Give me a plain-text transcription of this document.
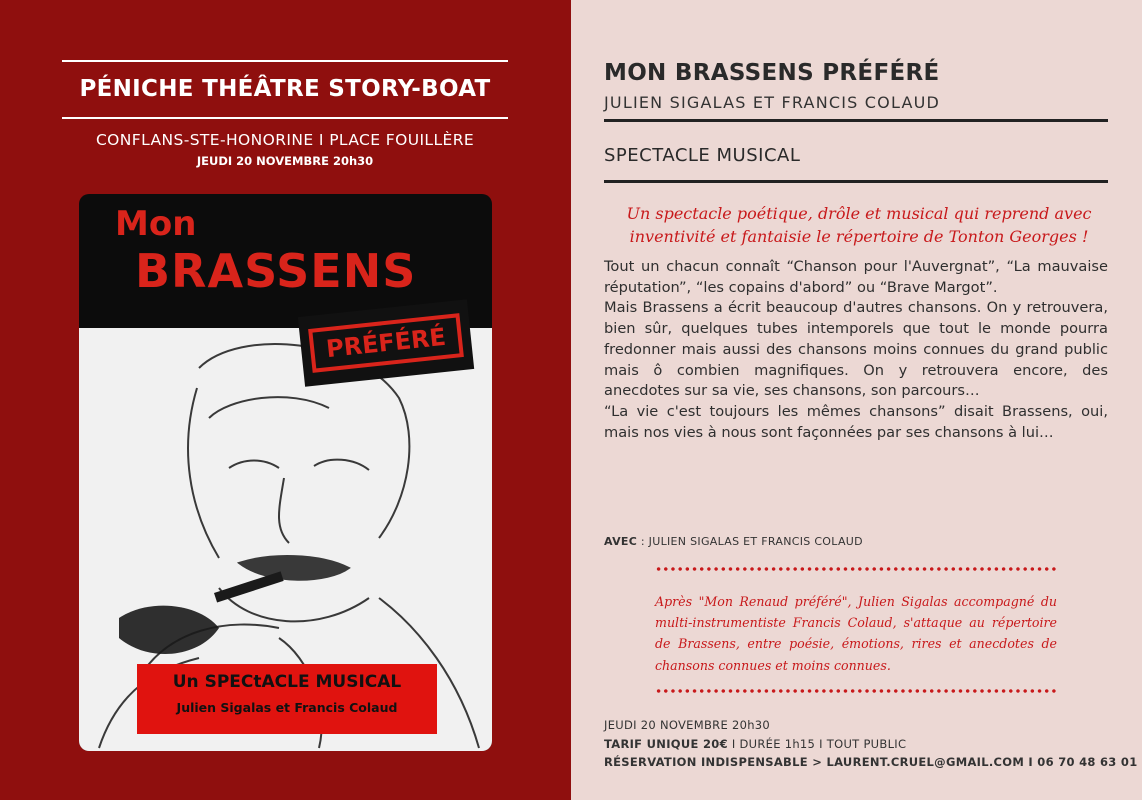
PÉNICHE THÉÂTRE STORY-BOAT
CONFLANS-STE-HONORINE I PLACE FOUILLÈRE
JEUDI 20 NOVEMBRE 20h30
Mon
BRASSENS
PRÉFÉRÉ
Un SPECtACLE MUSICAL
Julien Sigalas et Francis Colaud
MON BRASSENS PRÉFÉRÉ
JULIEN SIGALAS ET FRANCIS COLAUD
SPECTACLE MUSICAL
Un spectacle poétique, drôle et musical qui reprend avec inventivité et fantaisie le répertoire de Tonton Georges !

Tout un chacun connaît “Chanson pour l'Auvergnat”, “La mauvaise réputation”, “les copains d'abord” ou “Brave Margot”.

Mais Brassens a écrit beaucoup d'autres chansons. On y retrouvera, bien sûr, quelques tubes intemporels que tout le monde pourra fredonner mais aussi des chansons moins connues du grand public mais ô combien magnifiques. On y retrouvera encore, des anecdotes sur sa vie, ses chansons, son parcours…

“La vie c'est toujours les mêmes chansons” disait Brassens, oui, mais nos vies à nous sont façonnées par ses chansons à lui…

AVEC : JULIEN SIGALAS ET FRANCIS COLAUD
Après "Mon Renaud préféré", Julien Sigalas accompagné du multi-instrumentiste Francis Colaud, s'attaque au répertoire de Brassens, entre poésie, émotions, rires et anecdotes de chansons connues et moins connues.
JEUDI 20 NOVEMBRE 20h30
TARIF UNIQUE 20€ I DURÉE 1h15 I TOUT PUBLIC
RÉSERVATION INDISPENSABLE > LAURENT.CRUEL@GMAIL.COM I 06 70 48 63 01
